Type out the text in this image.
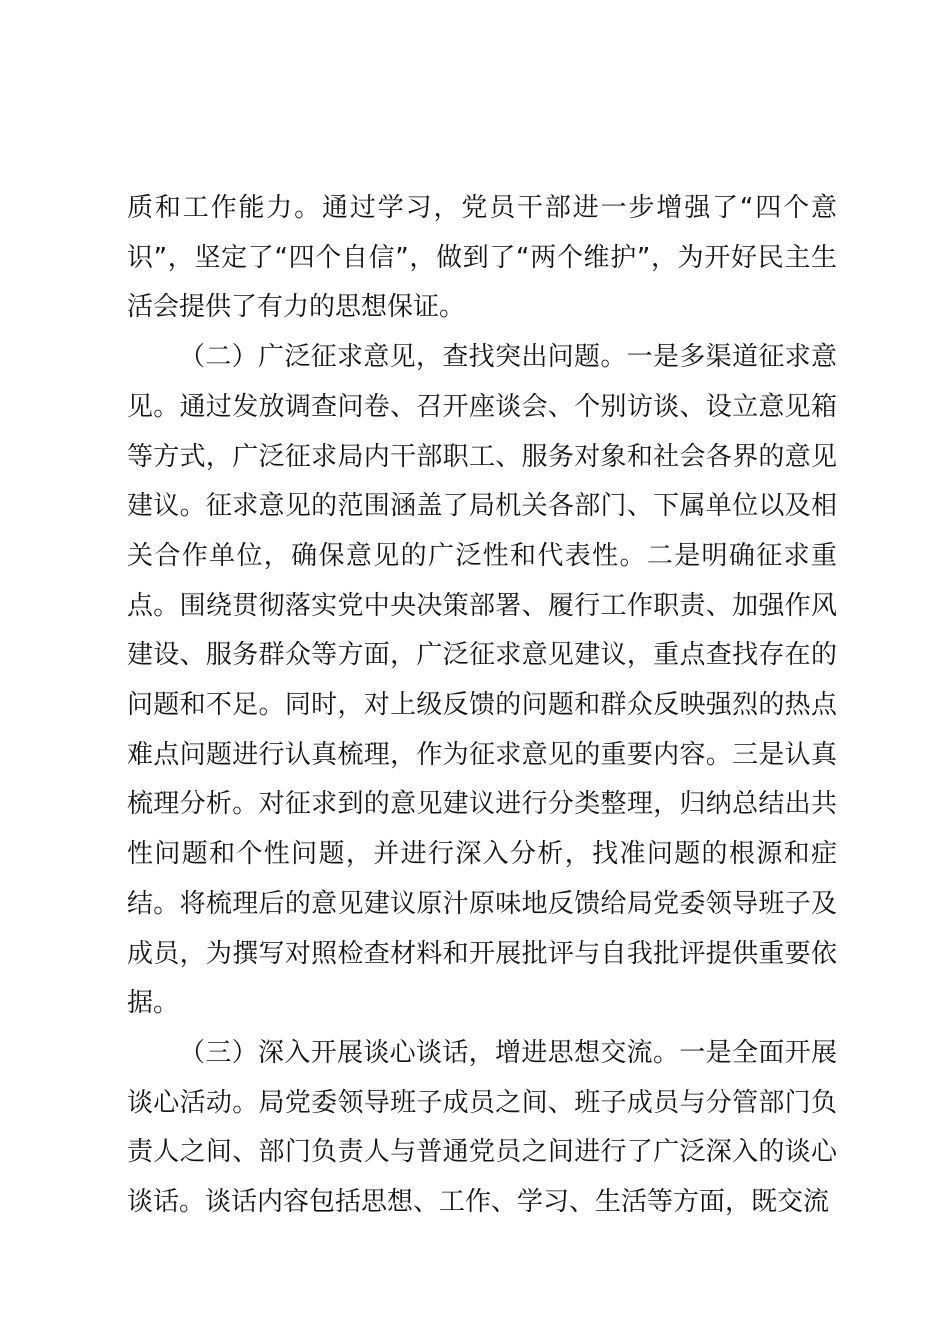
质和工作能力。通过学习，党员干部进一步增强了“四个意识”，坚定了“四个自信”，做到了“两个维护”，为开好民主生活会提供了有力的思想保证。

（二）广泛征求意见，查找突出问题。一是多渠道征求意见。通过发放调查问卷、召开座谈会、个别访谈、设立意见箱等方式，广泛征求局内干部职工、服务对象和社会各界的意见建议。征求意见的范围涵盖了局机关各部门、下属单位以及相关合作单位，确保意见的广泛性和代表性。二是明确征求重点。围绕贯彻落实党中央决策部署、履行工作职责、加强作风建设、服务群众等方面，广泛征求意见建议，重点查找存在的问题和不足。同时，对上级反馈的问题和群众反映强烈的热点难点问题进行认真梳理，作为征求意见的重要内容。三是认真梳理分析。对征求到的意见建议进行分类整理，归纳总结出共性问题和个性问题，并进行深入分析，找准问题的根源和症结。将梳理后的意见建议原汁原味地反馈给局党委领导班子及成员，为撰写对照检查材料和开展批评与自我批评提供重要依据。

（三）深入开展谈心谈话，增进思想交流。一是全面开展谈心活动。局党委领导班子成员之间、班子成员与分管部门负责人之间、部门负责人与普通党员之间进行了广泛深入的谈心谈话。谈话内容包括思想、工作、学习、生活等方面，既交流
